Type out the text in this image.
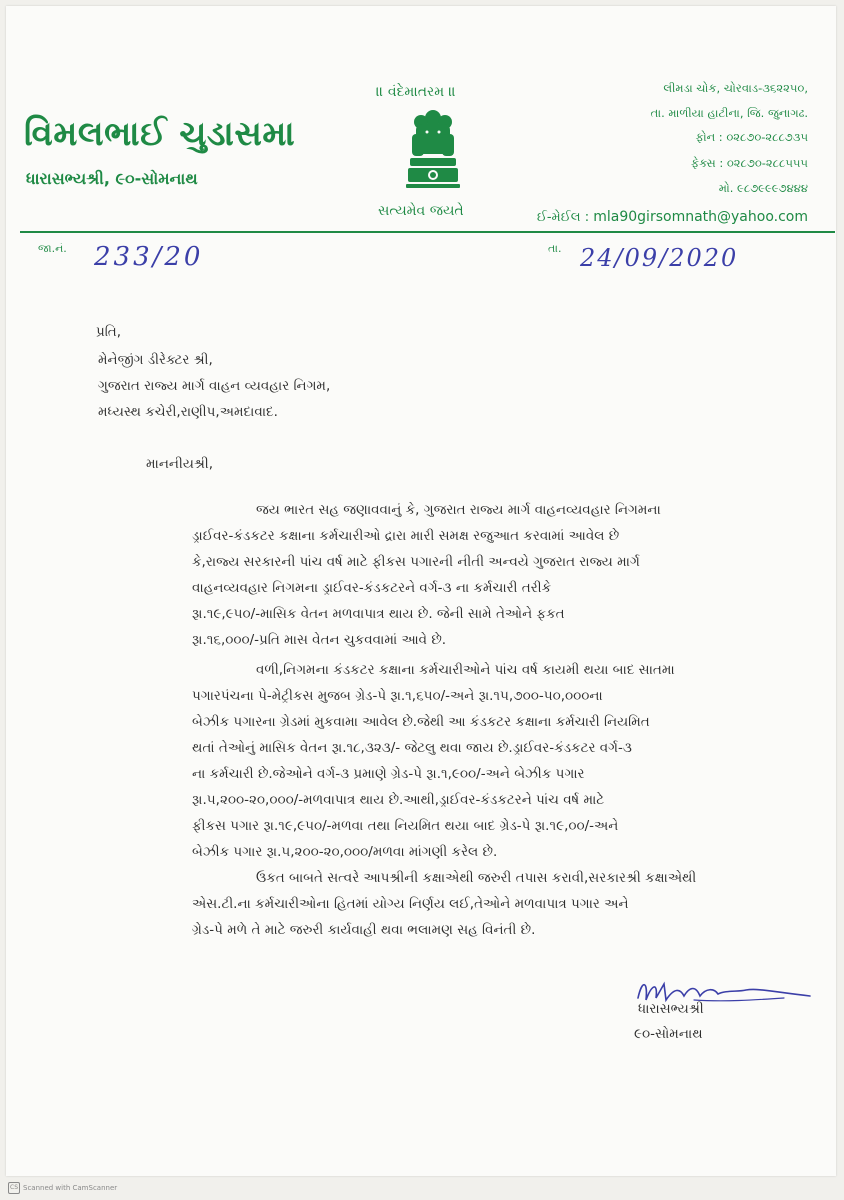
વિમલભાઈ ચુડાસમા
ધારાસભ્યશ્રી, ૯૦-સોમનાથ
॥ વંદેમાતરમ ॥
સત્યમેવ જયતે
લીમડા ચોક, ચોરવાડ-૩૬૨૨૫૦,
તા. માળીયા હાટીના, જિ. જુનાગઢ.
ફોન : ૦૨૮૭૦-૨૮૮૭૩૫
ફેક્સ : ૦૨૮૭૦-૨૮૮૫૫૫
મો. ૯૮૭૯૯૯૭૪૪૪
ઈ-મેઈલ : mla90girsomnath@yahoo.com
જા.નં. 233/20	તા. 24/09/2020
પ્રતિ,
મેનેજીંગ ડીરેક્ટર શ્રી,
ગુજરાત રાજ્ય માર્ગ વાહન વ્યવહાર નિગમ,
મધ્યસ્થ કચેરી,રાણીપ,અમદાવાદ.
માનનીયશ્રી,
જય ભારત સહ જણાવવાનું કે, ગુજરાત રાજ્ય માર્ગ વાહનવ્યવહાર નિગમના
ડ્રાઈવર-કંડકટર કક્ષાના કર્મચારીઓ દ્રારા મારી સમક્ષ રજુઆત કરવામાં આવેલ છે
કે,રાજ્ય સરકારની પાંચ વર્ષ માટે ફીકસ પગારની નીતી અન્વયે ગુજરાત રાજ્ય માર્ગ
વાહનવ્યવહાર નિગમના ડ્રાઈવર-કંડકટરને વર્ગ-૩ ના કર્મચારી તરીકે
રૂા.૧૯,૯૫૦/-માસિક વેતન મળવાપાત્ર થાય છે. જેની સામે તેઓને ફકત
રૂા.૧૬,૦૦૦/-પ્રતિ માસ વેતન ચુકવવામાં આવે છે.
વળી,નિગમના કંડકટર કક્ષાના કર્મચારીઓને પાંચ વર્ષ કાયમી થયા બાદ સાતમા
પગારપંચના પે-મેટ્રીકસ મુજબ ગ્રેડ-પે રૂા.૧,૬૫૦/-અને રૂા.૧૫,૭૦૦-૫૦,૦૦૦ના
બેઝીક પગારના ગ્રેડમાં મુકવામા આવેલ છે.જેથી આ કંડકટર કક્ષાના કર્મચારી નિયમિત
થતાં તેઓનું માસિક વેતન રૂા.૧૮,૩૨૩/- જેટલુ થવા જાય છે.ડ્રાઈવર-કંડકટર વર્ગ-૩
ના કર્મચારી છે.જેઓને વર્ગ-૩ પ્રમાણે ગ્રેડ-પે રૂા.૧,૯૦૦/-અને બેઝીક પગાર
રૂા.૫,૨૦૦-૨૦,૦૦૦/-મળવાપાત્ર થાય છે.આથી,ડ્રાઈવર-કંડકટરને પાંચ વર્ષ માટે
ફીકસ પગાર રૂા.૧૯,૯૫૦/-મળવા તથા નિયમિત થયા બાદ ગ્રેડ-પે રૂા.૧૯,૦૦/-અને
બેઝીક પગાર રૂા.૫,૨૦૦-૨૦,૦૦૦/મળવા માંગણી કરેલ છે.
ઉકત બાબતે સત્વરે આપશ્રીની કક્ષાએથી જરુરી તપાસ કરાવી,સરકારશ્રી કક્ષાએથી
એસ.ટી.ના કર્મચારીઓના હિતમાં યોગ્ય નિર્ણય લઈ,તેઓને મળવાપાત્ર પગાર અને
ગ્રેડ-પે મળે તે માટે જરુરી કાર્યવાહી થવા ભલામણ સહ વિનંતી છે.
ધારાસભ્યશ્રી
૯૦-સોમનાથ
CS Scanned with CamScanner
